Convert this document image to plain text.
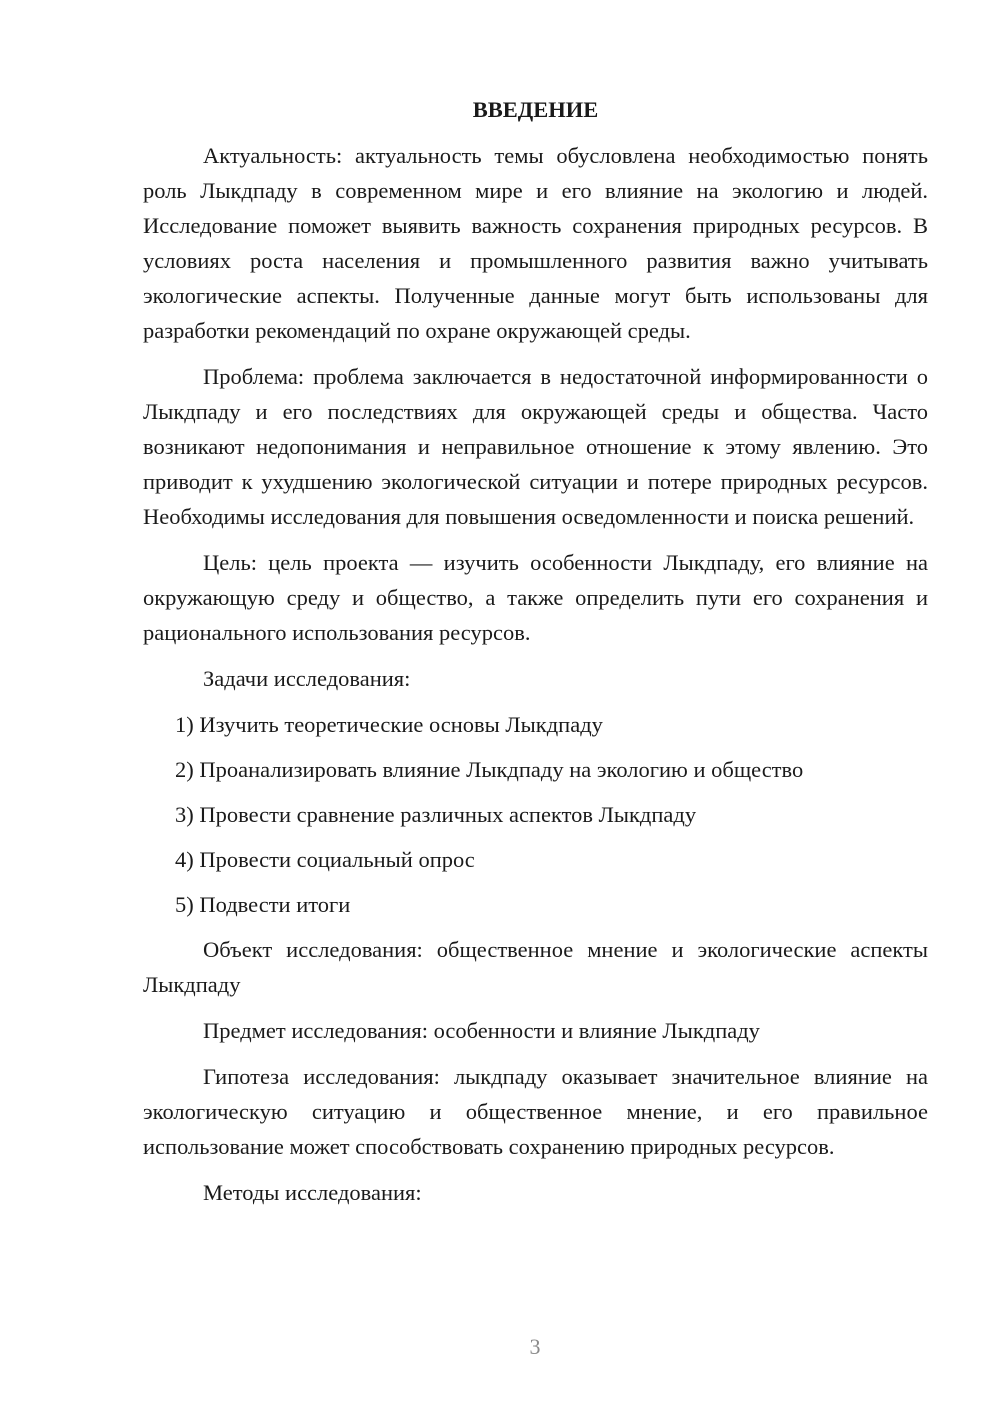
ВВЕДЕНИЕ

Актуальность: актуальность темы обусловлена необходимостью понять роль Лыкдпаду в современном мире и его влияние на экологию и людей. Исследование поможет выявить важность сохранения природных ресурсов. В условиях роста населения и промышленного развития важно учитывать экологические аспекты. Полученные данные могут быть использованы для разработки рекомендаций по охране окружающей среды.

Проблема: проблема заключается в недостаточной информированности о Лыкдпаду и его последствиях для окружающей среды и общества. Часто возникают недопонимания и неправильное отношение к этому явлению. Это приводит к ухудшению экологической ситуации и потере природных ресурсов. Необходимы исследования для повышения осведомленности и поиска решений.

Цель: цель проекта — изучить особенности Лыкдпаду, его влияние на окружающую среду и общество, а также определить пути его сохранения и рационального использования ресурсов.

Задачи исследования:

1) Изучить теоретические основы Лыкдпаду
2) Проанализировать влияние Лыкдпаду на экологию и общество
3) Провести сравнение различных аспектов Лыкдпаду
4) Провести социальный опрос
5) Подвести итоги

Объект исследования: общественное мнение и экологические аспекты Лыкдпаду

Предмет исследования: особенности и влияние Лыкдпаду

Гипотеза исследования: лыкдпаду оказывает значительное влияние на экологическую ситуацию и общественное мнение, и его правильное использование может способствовать сохранению природных ресурсов.

Методы исследования:

3
